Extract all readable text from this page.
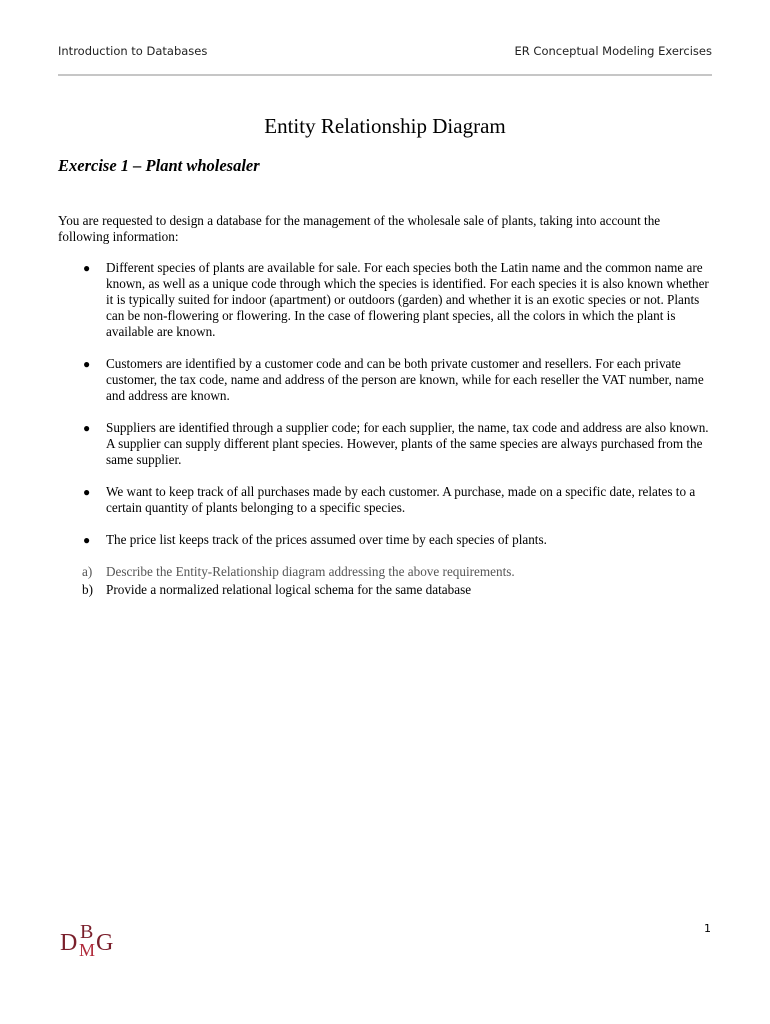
Introduction to Databases	ER Conceptual Modeling Exercises
Entity Relationship Diagram
Exercise 1 – Plant wholesaler

You are requested to design a database for the management of the wholesale sale of plants, taking into account the following information:

● Different species of plants are available for sale. For each species both the Latin name and the common name are known, as well as a unique code through which the species is identified. For each species it is also known whether it is typically suited for indoor (apartment) or outdoors (garden) and whether it is an exotic species or not. Plants can be non-flowering or flowering. In the case of flowering plant species, all the colors in which the plant is available are known.
● Customers are identified by a customer code and can be both private customer and resellers. For each private customer, the tax code, name and address of the person are known, while for each reseller the VAT number, name and address are known.
● Suppliers are identified through a supplier code; for each supplier, the name, tax code and address are also known. A supplier can supply different plant species. However, plants of the same species are always purchased from the same supplier.
● We want to keep track of all purchases made by each customer. A purchase, made on a specific date, relates to a certain quantity of plants belonging to a specific species.
● The price list keeps track of the prices assumed over time by each species of plants.
a) Describe the Entity-Relationship diagram addressing the above requirements.
b) Provide a normalized relational logical schema for the same database
D B
M G
1
